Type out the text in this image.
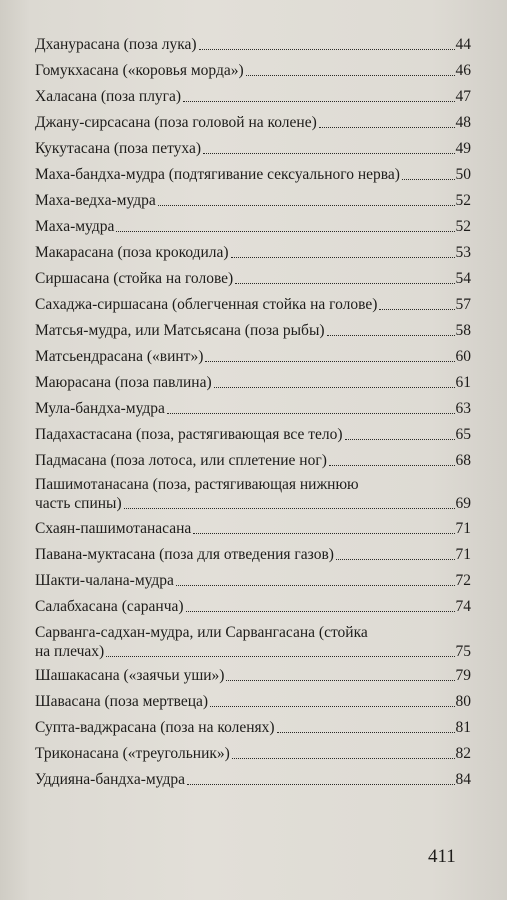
Дханурасана (поза лука)	44
Гомукхасана («коровья морда»)	46
Халасана (поза плуга)	47
Джану-сирсасана (поза головой на колене)	48
Кукутасана (поза петуха)	49
Маха-бандха-мудра (подтягивание сексуального нерва)	50
Маха-ведха-мудра	52
Маха-мудра	52
Макарасана (поза крокодила)	53
Сиршасана (стойка на голове)	54
Сахаджа-сиршасана (облегченная стойка на голове)	57
Матсья-мудра, или Матсьясана (поза рыбы)	58
Матсьендрасана («винт»)	60
Маюрасана (поза павлина)	61
Мула-бандха-мудра	63
Падахастасана (поза, растягивающая все тело)	65
Падмасана (поза лотоса, или сплетение ног)	68
Пашимотанасана (поза, растягивающая нижнюю
часть спины)	69
Схаян-пашимотанасана	71
Павана-муктасана (поза для отведения газов)	71
Шакти-чалана-мудра	72
Салабхасана (саранча)	74
Сарванга-садхан-мудра, или Сарвангасана (стойка
на плечах)	75
Шашакасана («заячьи уши»)	79
Шавасана (поза мертвеца)	80
Супта-ваджрасана (поза на коленях)	81
Триконасана («треугольник»)	82
Уддияна-бандха-мудра	84
411
